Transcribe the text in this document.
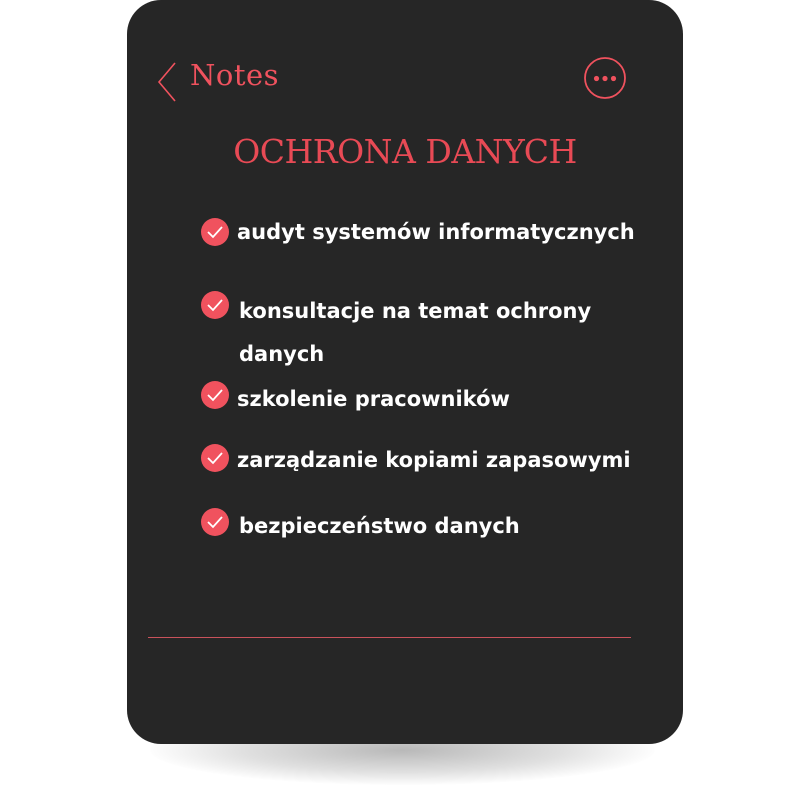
Notes
OCHRONA DANYCH
audyt systemów informatycznych
konsultacje na temat ochrony
danych
szkolenie pracowników
zarządzanie kopiami zapasowymi
bezpieczeństwo danych
